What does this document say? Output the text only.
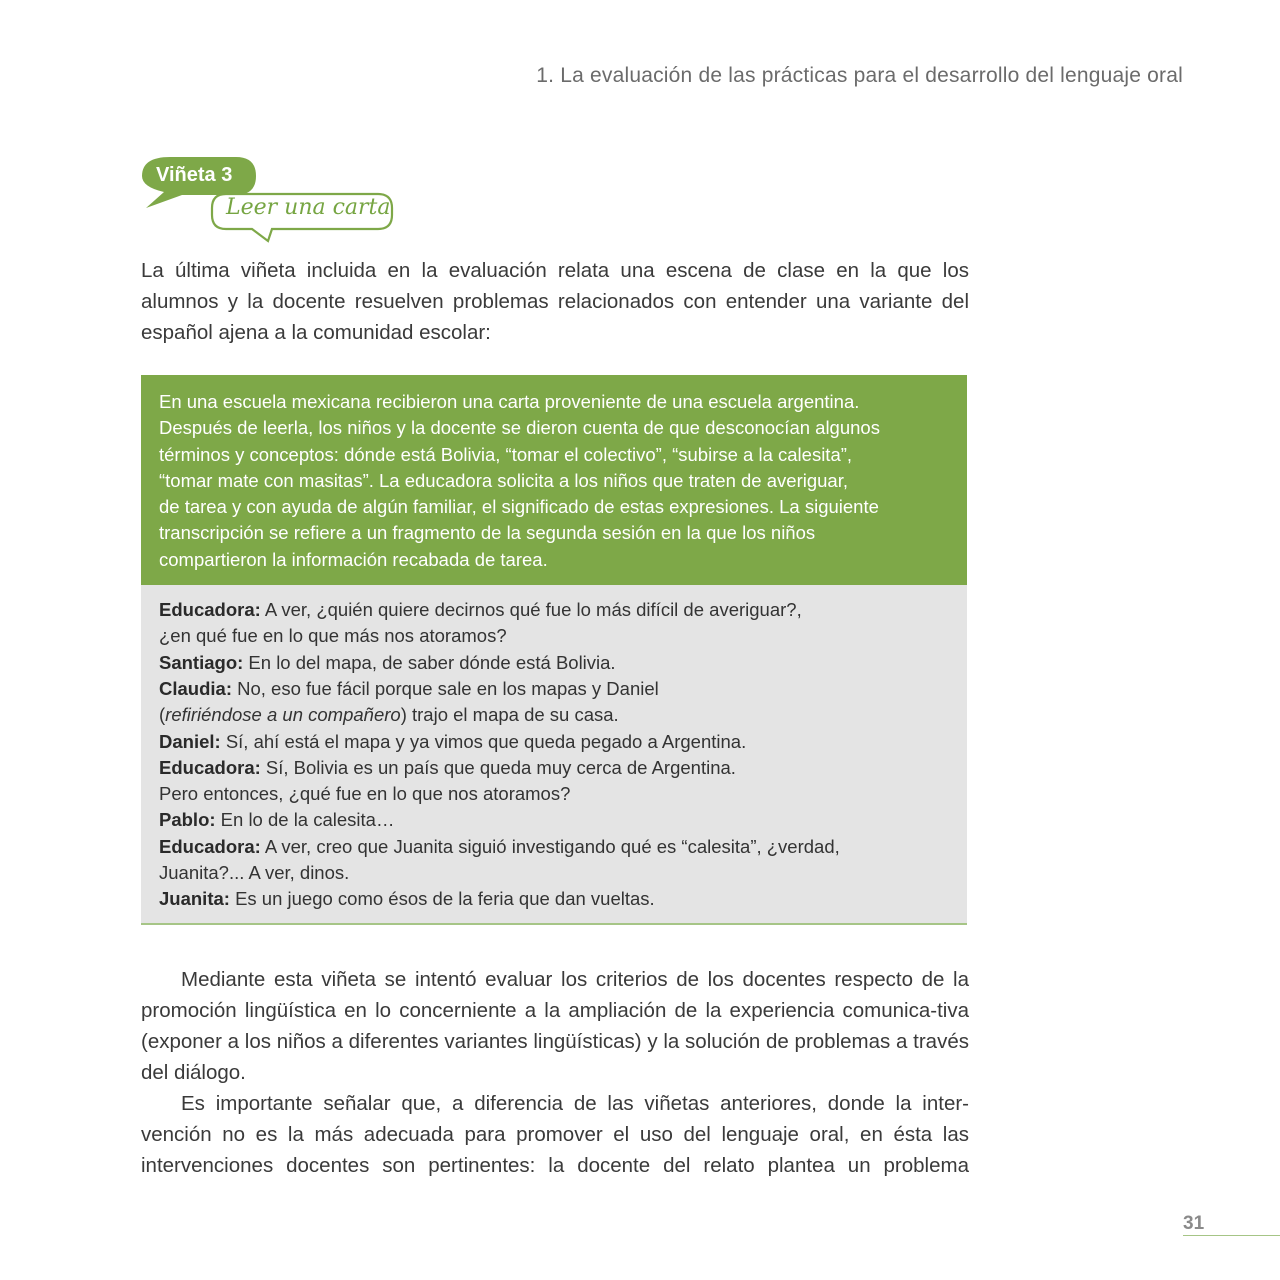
1. La evaluación de las prácticas para el desarrollo del lenguaje oral
Viñeta 3
Leer una carta

La última viñeta incluida en la evaluación relata una escena de clase en la que los alumnos y la docente resuelven problemas relacionados con entender una variante del español ajena a la comunidad escolar:

En una escuela mexicana recibieron una carta proveniente de una escuela argentina.

Después de leerla, los niños y la docente se dieron cuenta de que desconocían algunos

términos y conceptos: dónde está Bolivia, “tomar el colectivo”, “subirse a la calesita”,

“tomar mate con masitas”. La educadora solicita a los niños que traten de averiguar,

de tarea y con ayuda de algún familiar, el significado de estas expresiones. La siguiente

transcripción se refiere a un fragmento de la segunda sesión en la que los niños

compartieron la información recabada de tarea.

Educadora: A ver, ¿quién quiere decirnos qué fue lo más difícil de averiguar?,

¿en qué fue en lo que más nos atoramos?

Santiago: En lo del mapa, de saber dónde está Bolivia.

Claudia: No, eso fue fácil porque sale en los mapas y Daniel

(refiriéndose a un compañero) trajo el mapa de su casa.

Daniel: Sí, ahí está el mapa y ya vimos que queda pegado a Argentina.

Educadora: Sí, Bolivia es un país que queda muy cerca de Argentina.

Pero entonces, ¿qué fue en lo que nos atoramos?

Pablo: En lo de la calesita…

Educadora: A ver, creo que Juanita siguió investigando qué es “calesita”, ¿verdad,

Juanita?... A ver, dinos.

Juanita: Es un juego como ésos de la feria que dan vueltas.

Mediante esta viñeta se intentó evaluar los criterios de los docentes respecto de la promoción lingüística en lo concerniente a la ampliación de la experiencia comunica-tiva (exponer a los niños a diferentes variantes lingüísticas) y la solución de problemas a través del diálogo.

Es importante señalar que, a diferencia de las viñetas anteriores, donde la inter-vención no es la más adecuada para promover el uso del lenguaje oral, en ésta las intervenciones docentes son pertinentes: la docente del relato plantea un problema

31
